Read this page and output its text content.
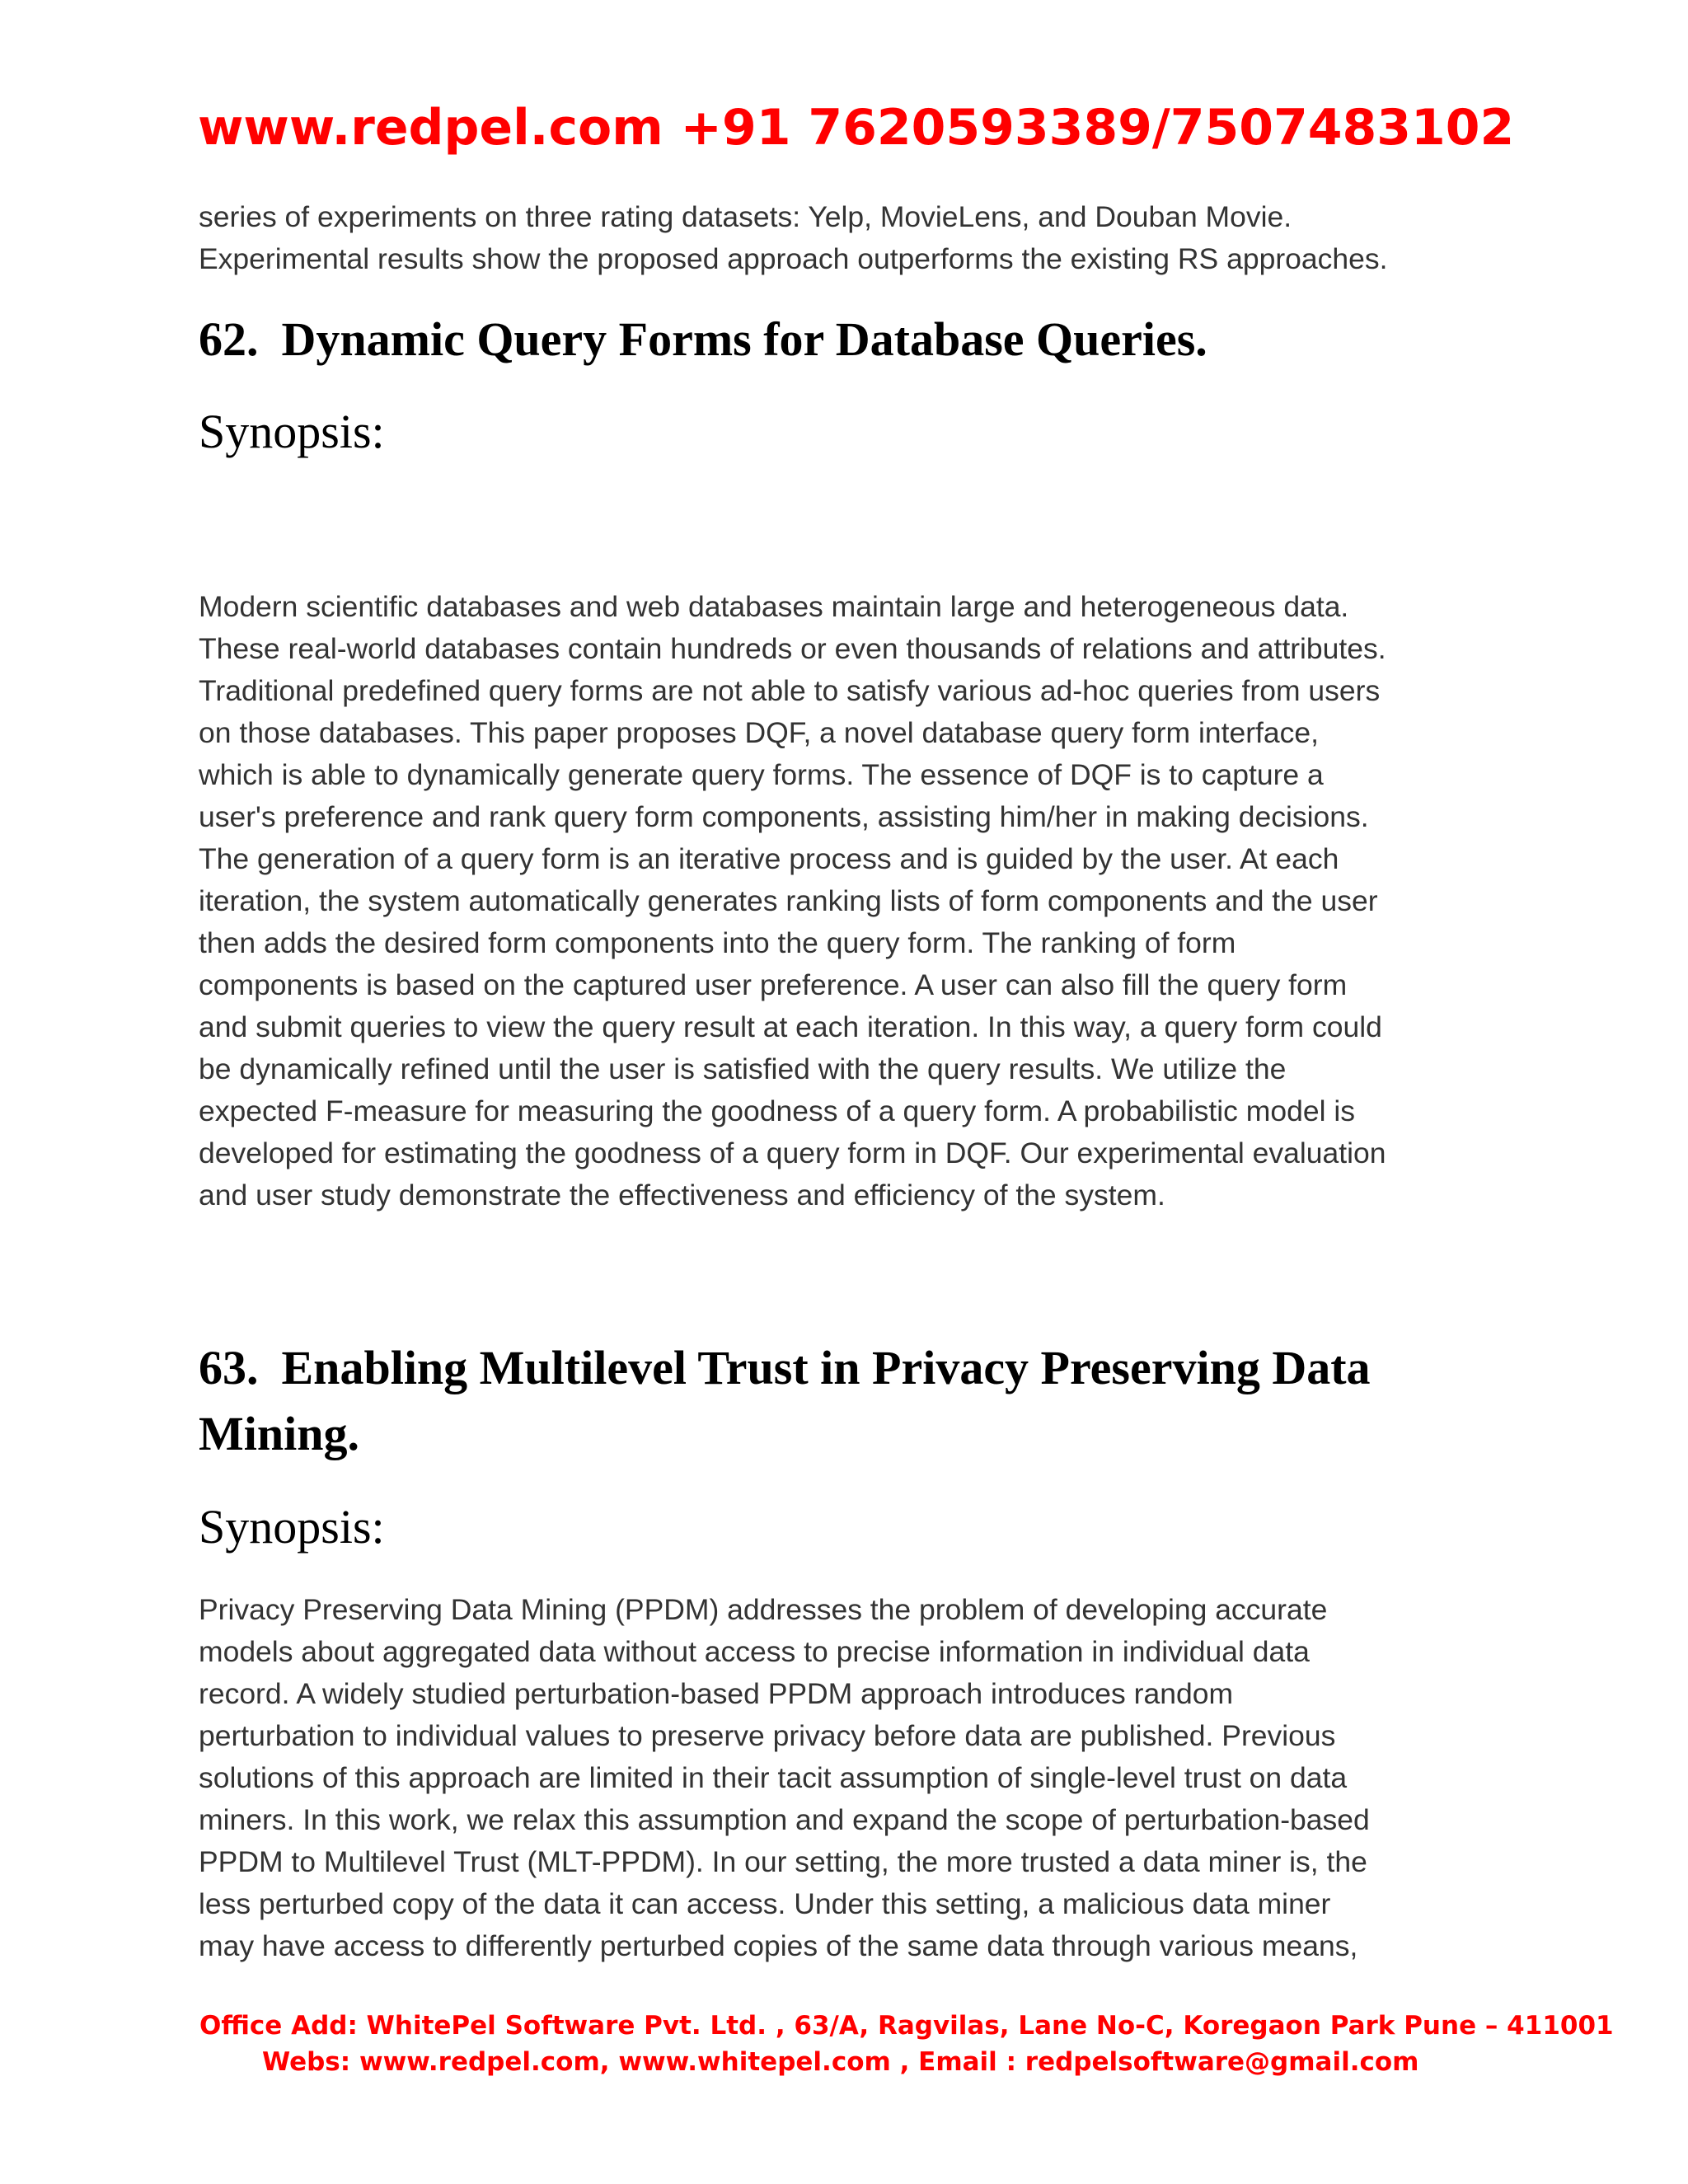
www.redpel.com +91 7620593389/7507483102
series of experiments on three rating datasets: Yelp, MovieLens, and Douban Movie.
Experimental results show the proposed approach outperforms the existing RS approaches.
62. Dynamic Query Forms for Database Queries.
Synopsis:
Modern scientific databases and web databases maintain large and heterogeneous data.
These real-world databases contain hundreds or even thousands of relations and attributes.
Traditional predefined query forms are not able to satisfy various ad-hoc queries from users
on those databases. This paper proposes DQF, a novel database query form interface,
which is able to dynamically generate query forms. The essence of DQF is to capture a
user's preference and rank query form components, assisting him/her in making decisions.
The generation of a query form is an iterative process and is guided by the user. At each
iteration, the system automatically generates ranking lists of form components and the user
then adds the desired form components into the query form. The ranking of form
components is based on the captured user preference. A user can also fill the query form
and submit queries to view the query result at each iteration. In this way, a query form could
be dynamically refined until the user is satisfied with the query results. We utilize the
expected F-measure for measuring the goodness of a query form. A probabilistic model is
developed for estimating the goodness of a query form in DQF. Our experimental evaluation
and user study demonstrate the effectiveness and efficiency of the system.
63. Enabling Multilevel Trust in Privacy Preserving Data
Mining.
Synopsis:
Privacy Preserving Data Mining (PPDM) addresses the problem of developing accurate
models about aggregated data without access to precise information in individual data
record. A widely studied perturbation-based PPDM approach introduces random
perturbation to individual values to preserve privacy before data are published. Previous
solutions of this approach are limited in their tacit assumption of single-level trust on data
miners. In this work, we relax this assumption and expand the scope of perturbation-based
PPDM to Multilevel Trust (MLT-PPDM). In our setting, the more trusted a data miner is, the
less perturbed copy of the data it can access. Under this setting, a malicious data miner
may have access to differently perturbed copies of the same data through various means,
Office Add: WhitePel Software Pvt. Ltd. , 63/A, Ragvilas, Lane No-C, Koregaon Park Pune – 411001
Webs: www.redpel.com, www.whitepel.com , Email : redpelsoftware@gmail.com
